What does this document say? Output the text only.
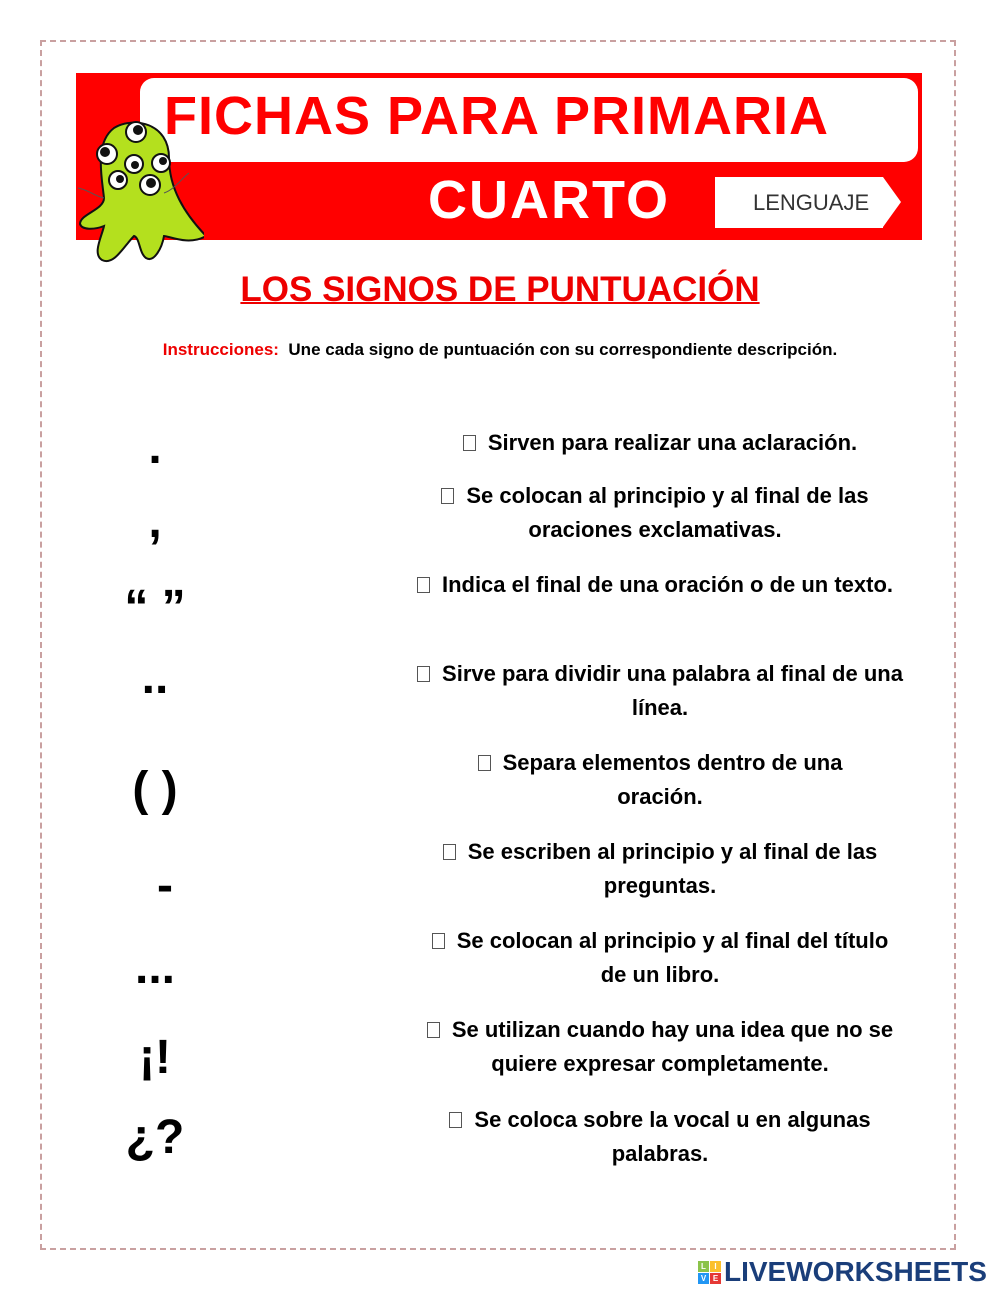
FICHAS PARA PRIMARIA
CUARTO	LENGUAJE
LOS SIGNOS DE PUNTUACIÓN
Instrucciones: Une cada signo de puntuación con su correspondiente descripción.
.
,
“ ”
..
( )
-
...
¡!
¿?
Sirven para realizar una aclaración.
Se colocan al principio y al final de las oraciones exclamativas.
Indica el final de una oración o de un texto.
Sirve para dividir una palabra al final de una línea.
Separa elementos dentro de una oración.
Se escriben al principio y al final de las preguntas.
Se colocan al principio y al final del título de un libro.
Se utilizan cuando hay una idea que no se quiere expresar completamente.
Se coloca sobre la vocal u en algunas palabras.
L	I
V E LIVEWORKSHEETS
